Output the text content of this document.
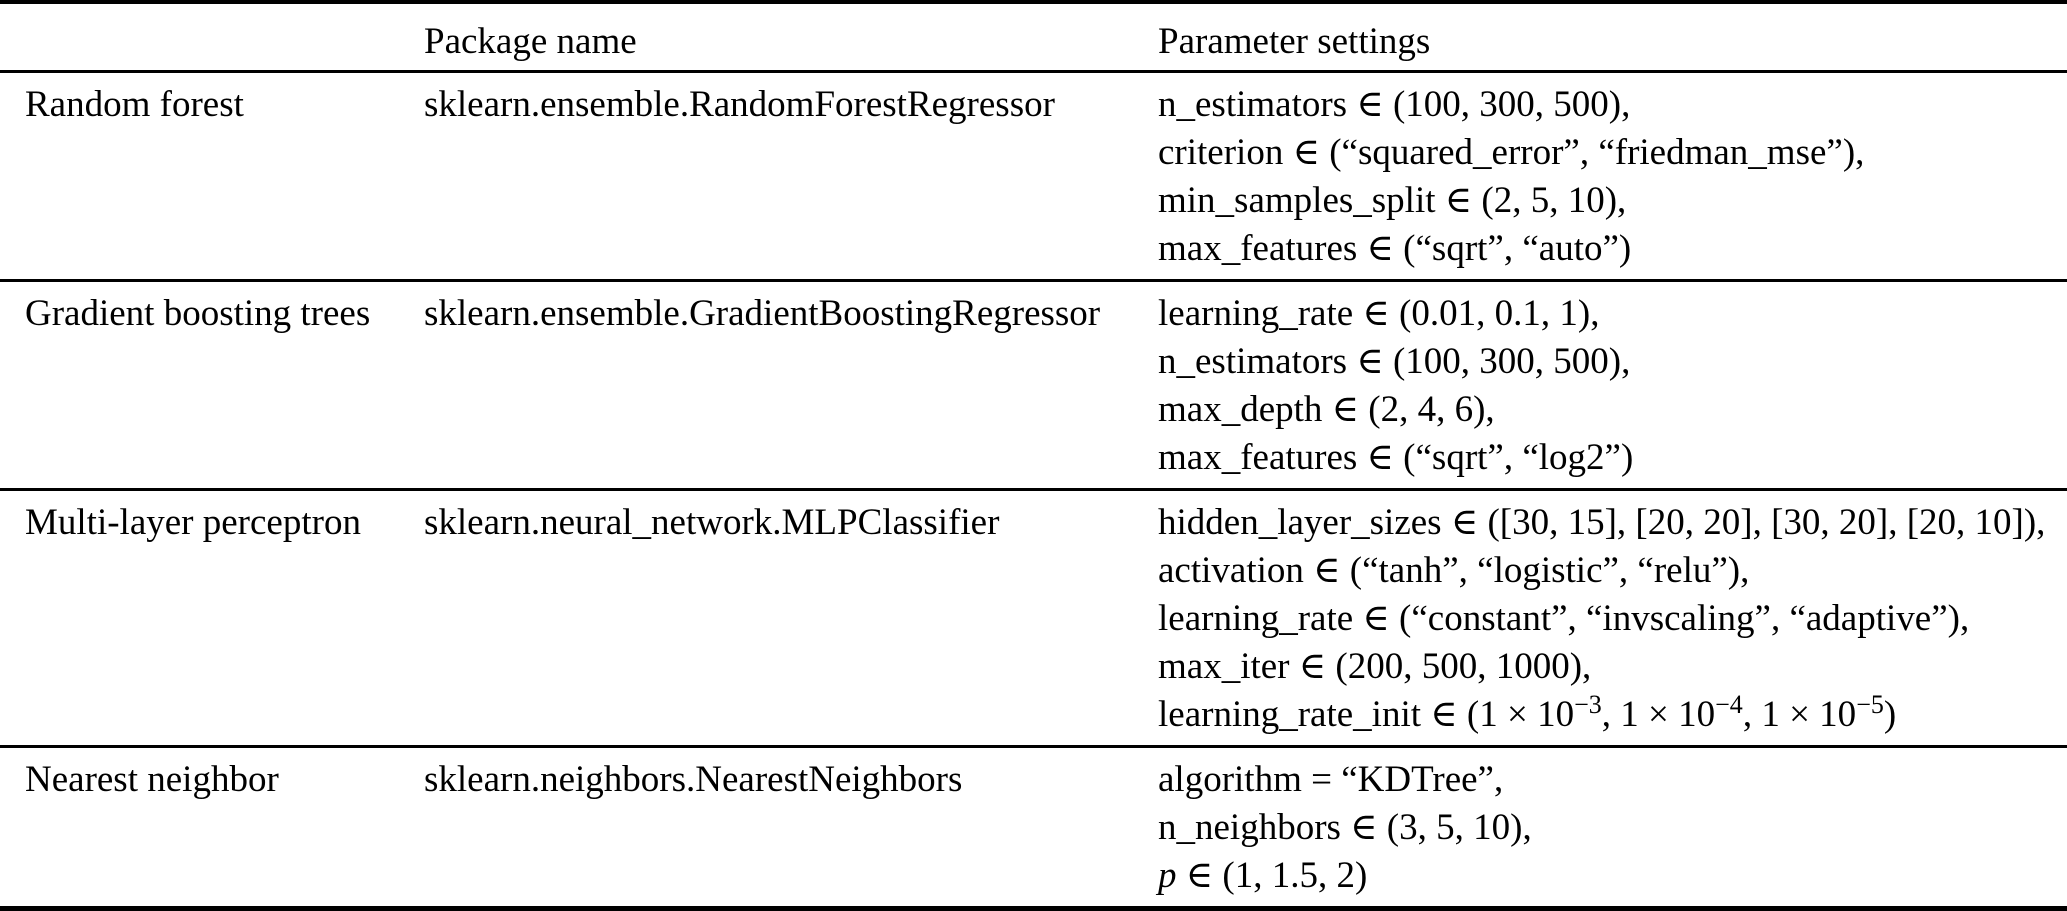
Package name	Parameter settings
Random forest	sklearn.ensemble.RandomForestRegressor	n_estimators ∈ (100, 300, 500),
criterion ∈ (“squared_error”, “friedman_mse”),
min_samples_split ∈ (2, 5, 10),
max_features ∈ (“sqrt”, “auto”)
Gradient boosting trees	sklearn.ensemble.GradientBoostingRegressor	learning_rate ∈ (0.01, 0.1, 1),
n_estimators ∈ (100, 300, 500),
max_depth ∈ (2, 4, 6),
max_features ∈ (“sqrt”, “log2”)
Multi-layer perceptron	sklearn.neural_network.MLPClassifier	hidden_layer_sizes ∈ ([30, 15], [20, 20], [30, 20], [20, 10]),
activation ∈ (“tanh”, “logistic”, “relu”),
learning_rate ∈ (“constant”, “invscaling”, “adaptive”),
max_iter ∈ (200, 500, 1000),
learning_rate_init ∈ ($1 \times 10^{-3}$, $1 \times 10^{-4}$, $1 \times 10^{-5}$)
Nearest neighbor	sklearn.neighbors.NearestNeighbors	algorithm = “KDTree”,
n_neighbors ∈ (3, 5, 10),
p ∈ (1, 1.5, 2)
